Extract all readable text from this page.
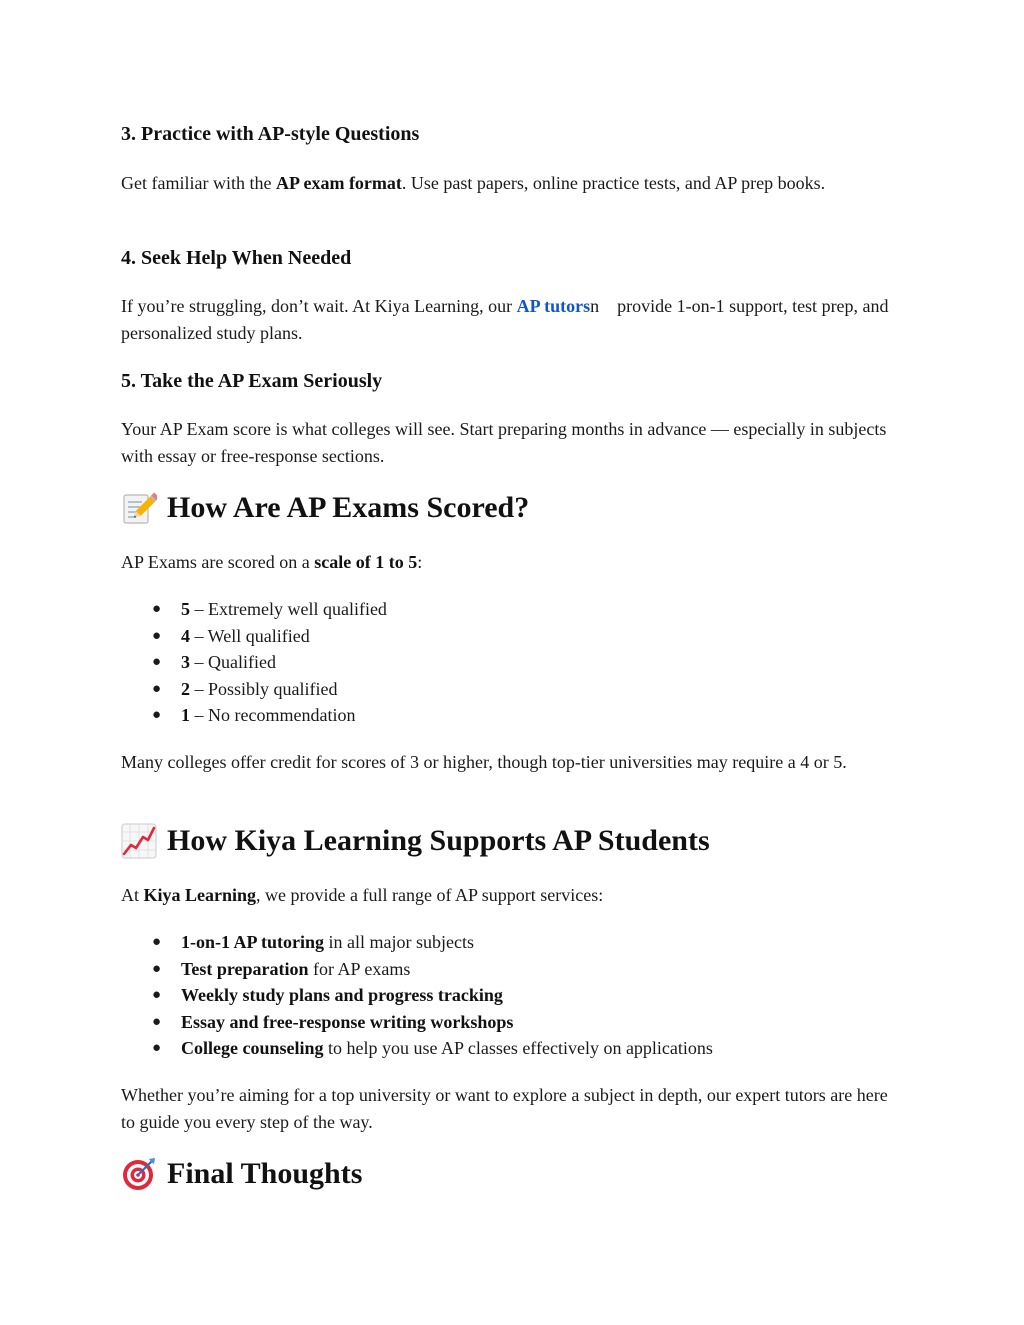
3. Practice with AP-style Questions
Get familiar with the AP exam format. Use past papers, online practice tests, and AP prep books.
4. Seek Help When Needed
If you’re struggling, don’t wait. At Kiya Learning, our AP tutorsn provide 1-on-1 support, test prep, and personalized study plans.
5. Take the AP Exam Seriously
Your AP Exam score is what colleges will see. Start preparing months in advance — especially in subjects with essay or free-response sections.
How Are AP Exams Scored?
AP Exams are scored on a scale of 1 to 5:
● 5 – Extremely well qualified
● 4 – Well qualified
● 3 – Qualified
● 2 – Possibly qualified
● 1 – No recommendation
Many colleges offer credit for scores of 3 or higher, though top-tier universities may require a 4 or 5.
How Kiya Learning Supports AP Students
At Kiya Learning, we provide a full range of AP support services:
● 1-on-1 AP tutoring in all major subjects
● Test preparation for AP exams
● Weekly study plans and progress tracking
● Essay and free-response writing workshops
● College counseling to help you use AP classes effectively on applications
Whether you’re aiming for a top university or want to explore a subject in depth, our expert tutors are here to guide you every step of the way.
Final Thoughts
